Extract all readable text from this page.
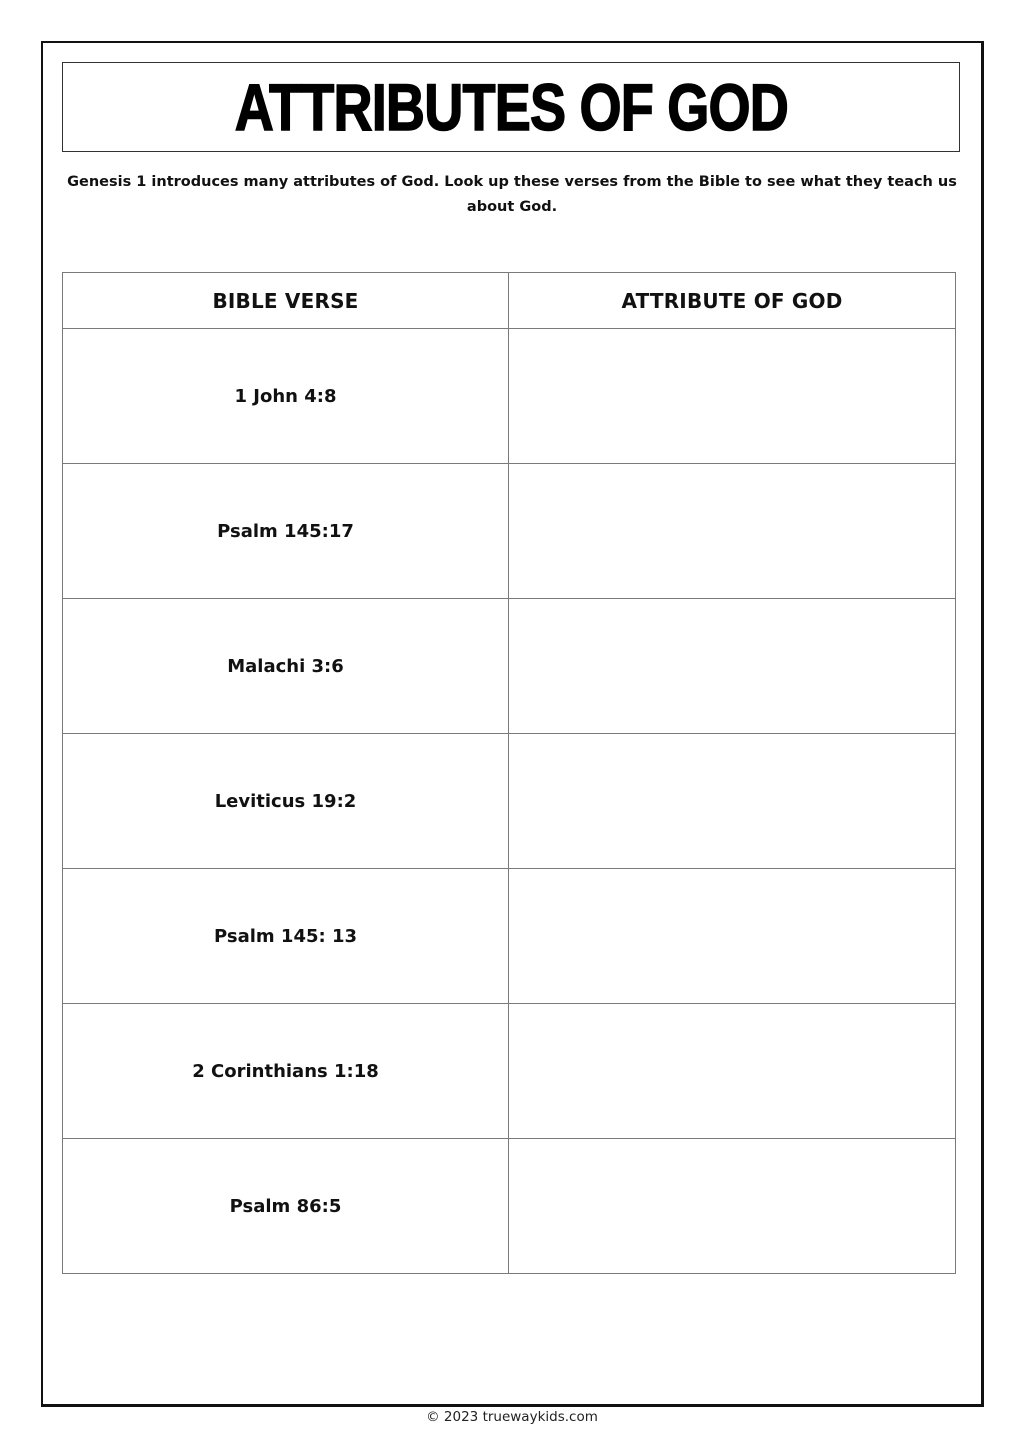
ATTRIBUTES OF GOD

Genesis 1 introduces many attributes of God. Look up these verses from the Bible to see what they teach us about God.

BIBLE VERSE	ATTRIBUTE OF GOD
1 John 4:8	
Psalm 145:17	
Malachi 3:6	
Leviticus 19:2	
Psalm 145: 13	
2 Corinthians 1:18	
Psalm 86:5	

© 2023 truewaykids.com
